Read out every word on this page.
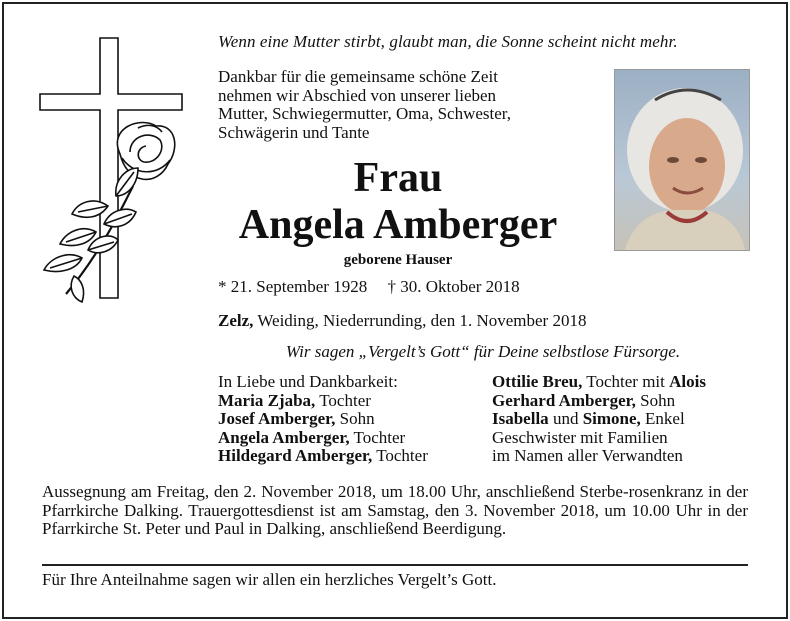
Wenn eine Mutter stirbt, glaubt man, die Sonne scheint nicht mehr.
Dankbar für die gemeinsame schöne Zeit
nehmen wir Abschied von unserer lieben
Mutter, Schwiegermutter, Oma, Schwester,
Schwägerin und Tante
Frau
Angela Amberger
geborene Hauser
* 21. September 1928 † 30. Oktober 2018
Zelz, Weiding, Niederrunding, den 1. November 2018
Wir sagen „Vergelt’s Gott“ für Deine selbstlose Fürsorge.
In Liebe und Dankbarkeit:
Maria Zjaba, Tochter
Josef Amberger, Sohn
Angela Amberger, Tochter
Hildegard Amberger, Tochter
Ottilie Breu, Tochter mit Alois
Gerhard Amberger, Sohn
Isabella und Simone, Enkel
Geschwister mit Familien
im Namen aller Verwandten
Aussegnung am Freitag, den 2. November 2018, um 18.00 Uhr, anschließend Sterbe-rosenkranz in der Pfarrkirche Dalking. Trauergottesdienst ist am Samstag, den 3. November 2018, um 10.00 Uhr in der Pfarrkirche St. Peter und Paul in Dalking, anschließend Beerdigung.
Für Ihre Anteilnahme sagen wir allen ein herzliches Vergelt’s Gott.
